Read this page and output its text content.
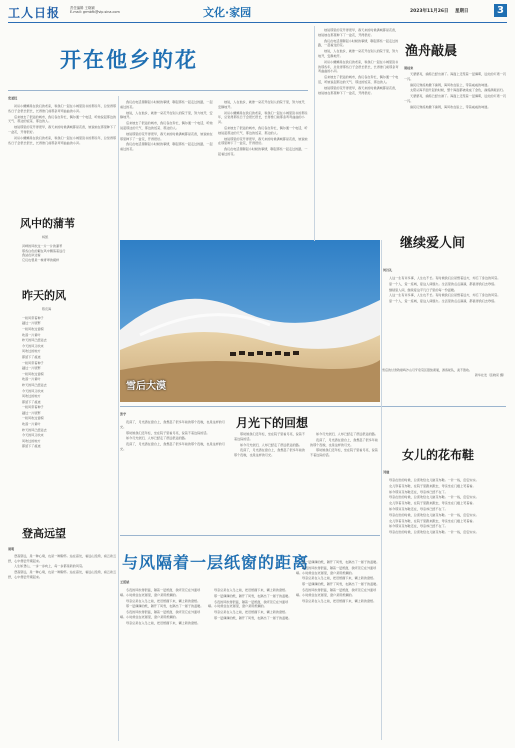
工人日报	责任编辑 王晓颖
E-mail: grmbfk@vip.sina.com	文化·家园	2023年11月26日 星期日	3
开在他乡的花
史亚红

初识小螺蛳是在我们的老家，和我们一起在小城里读书的那些年，总觉得那些日子会很长很长，长得像门前那条弯弯曲曲的小河。

后来她去了很远的城市，我们各自奔忙，偶尔通一个电话，听她说起那边的天气、那边的饭菜、那边的人。

她说那里的花开得很早，春天来的时候满城都是花香，她说她在那里种下了一盆花，开得很好。

初识小螺蛳是在我们的老家，和我们一起在小城里读书的那些年，总觉得那些日子会很长很长，长得像门前那条弯弯曲曲的小河。

我们在电话里聊起小时候的事情，聊起那些一起走过的路，一起看过的花。

她说，人在他乡，就像一朵花开在别人的院子里，努力地开，安静地开。

后来她去了很远的城市，我们各自奔忙，偶尔通一个电话，听她说起那边的天气、那边的饭菜、那边的人。

她说那里的花开得很早，春天来的时候满城都是花香，她说她在那里种下了一盆花，开得很好。

我们在电话里聊起小时候的事情，聊起那些一起走过的路，一起看过的花。

她说，人在他乡，就像一朵花开在别人的院子里，努力地开，安静地开。

初识小螺蛳是在我们的老家，和我们一起在小城里读书的那些年，总觉得那些日子会很长很长，长得像门前那条弯弯曲曲的小河。

后来她去了很远的城市，我们各自奔忙，偶尔通一个电话，听她说起那边的天气、那边的饭菜、那边的人。

她说那里的花开得很早，春天来的时候满城都是花香，她说她在那里种下了一盆花，开得很好。

我们在电话里聊起小时候的事情，聊起那些一起走过的路，一起看过的花。

风中的蒲苇
杨凯
河畔的风吹过一片一片的蒲苇
那些白色的絮在风中飘荡着远行
我站在岸边看
它们也曾是一株青翠的模样
昨天的风
陈庆海
一粒风带着种子
越过一片原野
一粒风吹过窗棂
吹落一片黄叶
昨天的风已经远去
今天的风又吹来
风吹过的地方
都留下了痕迹
一粒风带着种子
越过一片原野
一粒风吹过窗棂
吹落一片黄叶
昨天的风已经远去
今天的风又吹来
风吹过的地方
都留下了痕迹
一粒风带着种子
越过一片原野
一粒风吹过窗棂
吹落一片黄叶
昨天的风已经远去
今天的风又吹来
风吹过的地方
都留下了痕迹
登高远望
周明

登高望远，是一种心境，也是一种胸怀。站在高处，看远山连绵，看云卷云舒，心中便会开阔起来。

人生如登山，一步一步向上，每一步都是新的风景。

登高望远，是一种心境，也是一种胸怀。站在高处，看远山连绵，看云卷云舒，心中便会开阔起来。

雪后大漠
雪后的甘肃敦煌鸣沙山月牙泉景区银装素裹，游客驼队，美不胜收。
新华社发（张晓亮 摄）
渔舟敲晨
周桂来

天蒙蒙亮，渔船已经出港了。海面上还笼着一层薄雾，远处的灯塔一闪一闪。

渔民们熟练地撒下渔网，海风吹在脸上，带着咸咸的味道。

太阳从海平面升起的时候，整个海面都被染成了金色，渔船满载而归。

天蒙蒙亮，渔船已经出港了。海面上还笼着一层薄雾，远处的灯塔一闪一闪。

渔民们熟练地撒下渔网，海风吹在脸上，带着咸咸的味道。

她说那里的花开得很早，春天来的时候满城都是花香，她说她在那里种下了一盆花，开得很好。

我们在电话里聊起小时候的事情，聊起那些一起走过的路，一起看过的花。

她说，人在他乡，就像一朵花开在别人的院子里，努力地开，安静地开。

初识小螺蛳是在我们的老家，和我们一起在小城里读书的那些年，总觉得那些日子会很长很长，长得像门前那条弯弯曲曲的小河。

后来她去了很远的城市，我们各自奔忙，偶尔通一个电话，听她说起那边的天气、那边的饭菜、那边的人。

她说那里的花开得很早，春天来的时候满城都是花香，她说她在那里种下了一盆花，开得很好。

继续爱人间
何汉礼

人这一生有许多事，人生也不长。有时候我们总是想着远方，却忘了身边的风景。

爱一个人，爱一座城，爱这人间烟火。生活里的点点滴滴，都值得我们去珍惜。

继续爱人间，继续爱这平凡日子里的每一份温暖。

人这一生有许多事，人生也不长。有时候我们总是想着远方，却忘了身边的风景。

爱一个人，爱一座城，爱这人间烟火。生活里的点点滴滴，都值得我们去珍惜。

月光下的回想
张宇

夜深了，月光洒在窗台上，我想起了很多年前的那个夜晚，也是这样的月光。

那时候我们还年轻，坐在院子里看月亮，说着不着边际的话。

如今月光依旧，人却已经走了很远很远的路。

夜深了，月光洒在窗台上，我想起了很多年前的那个夜晚，也是这样的月光。

那时候我们还年轻，坐在院子里看月亮，说着不着边际的话。

如今月光依旧，人却已经走了很远很远的路。

夜深了，月光洒在窗台上，我想起了很多年前的那个夜晚，也是这样的月光。

如今月光依旧，人却已经走了很远很远的路。

夜深了，月光洒在窗台上，我想起了很多年前的那个夜晚，也是这样的月光。

那时候我们还年轻，坐在院子里看月亮，说着不着边际的话。	女儿的花布鞋
刘建

母亲在世的时候，总喜欢给女儿做花布鞋。一针一线，密密实实。

女儿穿着花布鞋，在院子里跑来跑去，母亲坐在门槛上笑着看。

如今那双花布鞋还在，母亲却已经不在了。

母亲在世的时候，总喜欢给女儿做花布鞋。一针一线，密密实实。

女儿穿着花布鞋，在院子里跑来跑去，母亲坐在门槛上笑着看。

如今那双花布鞋还在，母亲却已经不在了。

母亲在世的时候，总喜欢给女儿做花布鞋。一针一线，密密实实。

女儿穿着花布鞋，在院子里跑来跑去，母亲坐在门槛上笑着看。

如今那双花布鞋还在，母亲却已经不在了。

母亲在世的时候，总喜欢给女儿做花布鞋。一针一线，密密实实。

与风隔着一层纸窗的距离
王绍斌

冬夜的风吹得很猛，隔着一层纸窗，我听见它在外面呼啸。小时候住在老屋里，窗户是用纸糊的。

母亲总是在入冬之前，把旧纸撕下来，糊上新的窗纸。

那一层薄薄的纸，隔开了风雪，也隔出了一屋子的温暖。

冬夜的风吹得很猛，隔着一层纸窗，我听见它在外面呼啸。小时候住在老屋里，窗户是用纸糊的。

母亲总是在入冬之前，把旧纸撕下来，糊上新的窗纸。

母亲总是在入冬之前，把旧纸撕下来，糊上新的窗纸。

那一层薄薄的纸，隔开了风雪，也隔出了一屋子的温暖。

冬夜的风吹得很猛，隔着一层纸窗，我听见它在外面呼啸。小时候住在老屋里，窗户是用纸糊的。

母亲总是在入冬之前，把旧纸撕下来，糊上新的窗纸。

那一层薄薄的纸，隔开了风雪，也隔出了一屋子的温暖。

那一层薄薄的纸，隔开了风雪，也隔出了一屋子的温暖。

冬夜的风吹得很猛，隔着一层纸窗，我听见它在外面呼啸。小时候住在老屋里，窗户是用纸糊的。

母亲总是在入冬之前，把旧纸撕下来，糊上新的窗纸。

那一层薄薄的纸，隔开了风雪，也隔出了一屋子的温暖。

冬夜的风吹得很猛，隔着一层纸窗，我听见它在外面呼啸。小时候住在老屋里，窗户是用纸糊的。

母亲总是在入冬之前，把旧纸撕下来，糊上新的窗纸。
